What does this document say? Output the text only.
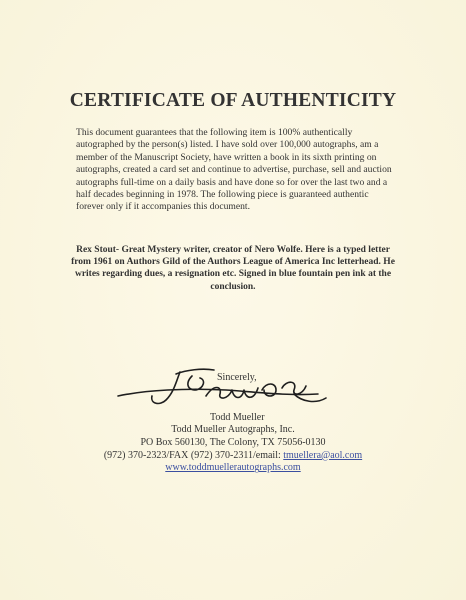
CERTIFICATE OF AUTHENTICITY
This document guarantees that the following item is 100% authentically autographed by the person(s) listed. I have sold over 100,000 autographs, am a member of the Manuscript Society, have written a book in its sixth printing on autographs, created a card set and continue to advertise, purchase, sell and auction autographs full-time on a daily basis and have done so for over the last two and a half decades beginning in 1978. The following piece is guaranteed authentic forever only if it accompanies this document.
Rex Stout- Great Mystery writer, creator of Nero Wolfe. Here is a typed letter from 1961 on Authors Gild of the Authors League of America Inc letterhead. He writes regarding dues, a resignation etc. Signed in blue fountain pen ink at the conclusion.
Sincerely,
Todd Mueller
Todd Mueller Autographs, Inc.
PO Box 560130, The Colony, TX 75056-0130
(972) 370-2323/FAX (972) 370-2311/email: tmuellera@aol.com
www.toddmuellerautographs.com
